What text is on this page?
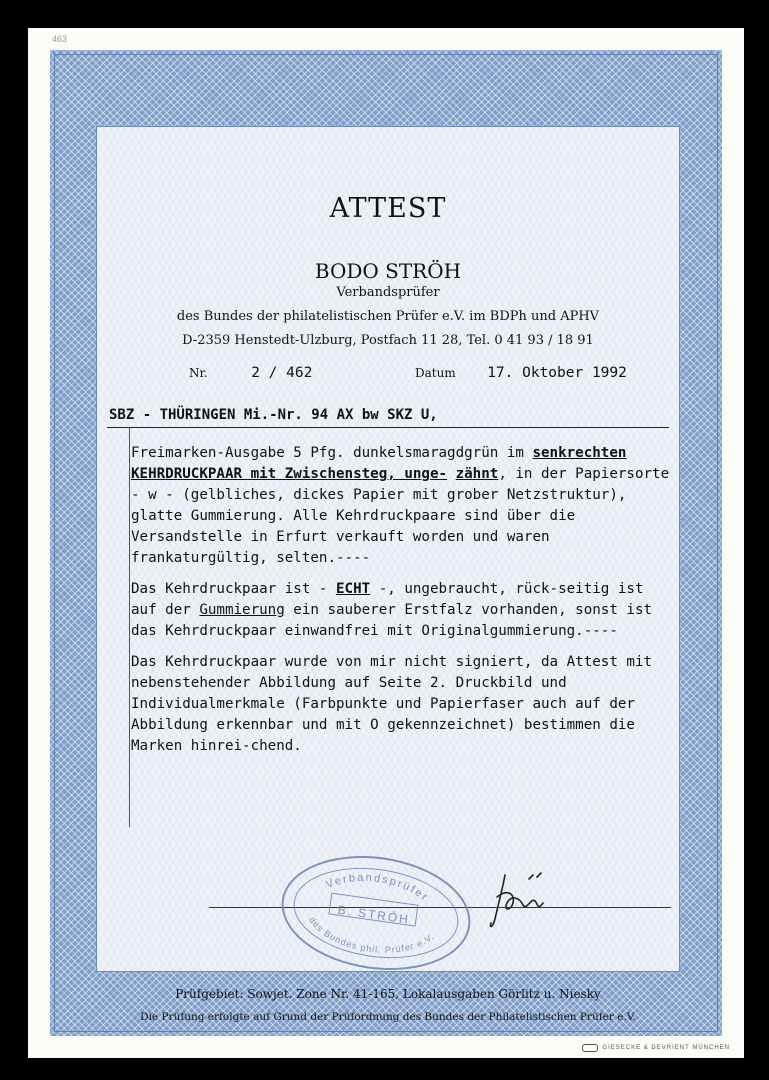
463
ATTEST
BODO STRÖH
Verbandsprüfer
des Bundes der philatelistischen Prüfer e.V. im BDPh und APHV
D-2359 Henstedt-Ulzburg, Postfach 11 28, Tel. 0 41 93 / 18 91
Nr.	2 / 462	Datum 17. Oktober 1992
SBZ - THÜRINGEN Mi.-Nr. 94 AX bw SKZ U,

Freimarken-Ausgabe 5 Pfg. dunkelsmaragdgrün im senkrechten KEHRDRUCKPAAR mit Zwischensteg, unge- zähnt, in der Papiersorte - w - (gelbliches, dickes Papier mit grober Netzstruktur), glatte Gummierung. Alle Kehrdruckpaare sind über die Versandstelle in Erfurt verkauft worden und waren frankaturgültig, selten.----

Das Kehrdruckpaar ist - ECHT -, ungebraucht, rück-seitig ist auf der Gummierung ein sauberer Erstfalz vorhanden, sonst ist das Kehrdruckpaar einwandfrei mit Originalgummierung.----

Das Kehrdruckpaar wurde von mir nicht signiert, da Attest mit nebenstehender Abbildung auf Seite 2. Druckbild und Individualmerkmale (Farbpunkte und Papierfaser auch auf der Abbildung erkennbar und mit O gekennzeichnet) bestimmen die Marken hinrei-chend.

Verbandsprüfer
B. STRÖH
des Bundes phil. Prüfer e.V.
Prüfgebiet: Sowjet. Zone Nr. 41-165, Lokalausgaben Görlitz u. Niesky
Die Prüfung erfolgte auf Grund der Prüfordnung des Bundes der Philatelistischen Prüfer e.V.
GIESECKE & DEVRIENT MÜNCHEN
